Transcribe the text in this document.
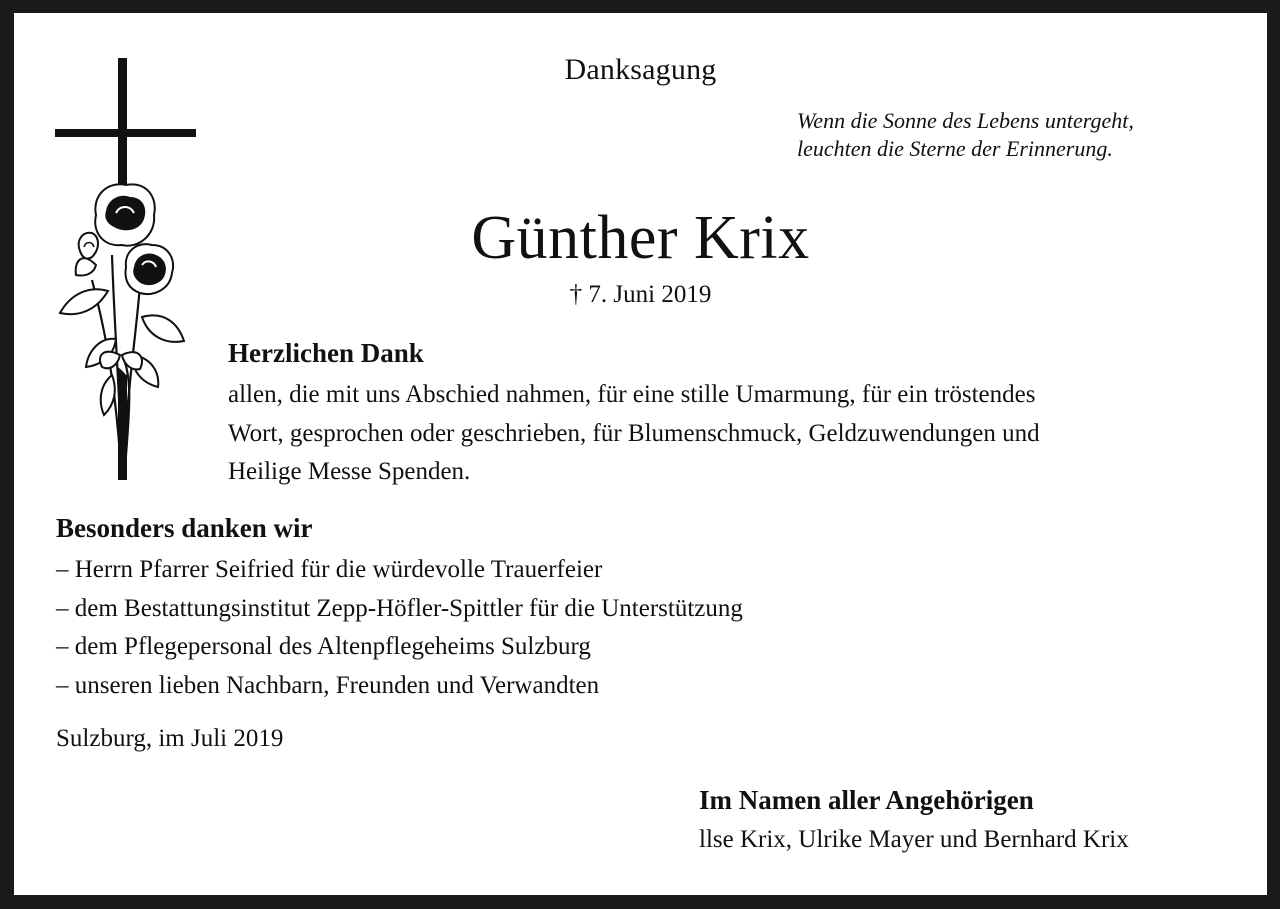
Danksagung

Wenn die Sonne des Lebens untergeht,
leuchten die Sterne der Erinnerung.
Günther Krix

† 7. Juni 2019

Herzlichen Dank

allen, die mit uns Abschied nahmen, für eine stille Umarmung, für ein tröstendes
Wort, gesprochen oder geschrieben, für Blumenschmuck, Geldzuwendungen und
Heilige Messe Spenden.

Besonders danken wir

– Herrn Pfarrer Seifried für die würdevolle Trauerfeier
– dem Bestattungsinstitut Zepp-Höfler-Spittler für die Unterstützung
– dem Pflegepersonal des Altenpflegeheims Sulzburg
– unseren lieben Nachbarn, Freunden und Verwandten

Sulzburg, im Juli 2019

Im Namen aller Angehörigen

llse Krix, Ulrike Mayer und Bernhard Krix
